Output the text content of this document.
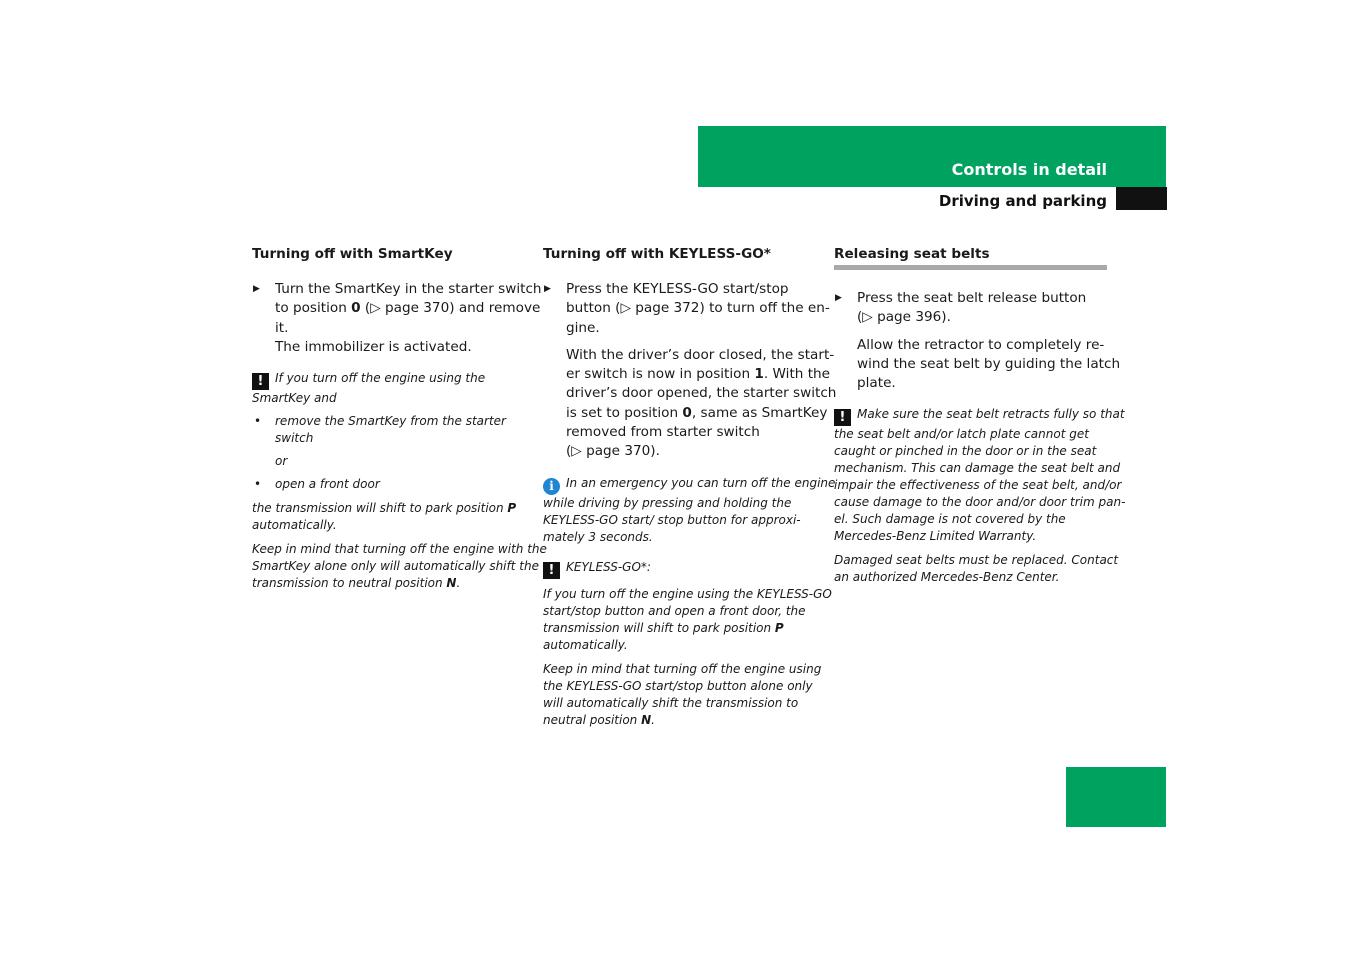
Controls in detail
Driving and parking
Turning off with SmartKey
▶ Turn the SmartKey in the starter switch
to position 0 (▷ page 370) and remove
it.
The immobilizer is activated.
! If you turn off the engine using the
SmartKey and
• remove the SmartKey from the starter
switch
or
• open a front door
the transmission will shift to park position P
automatically.
Keep in mind that turning off the engine with the
SmartKey alone only will automatically shift the
transmission to neutral position N.
Turning off with KEYLESS-GO*
▶ Press the KEYLESS-GO start/stop
button (▷ page 372) to turn off the en-
gine.
With the driver’s door closed, the start-
er switch is now in position 1. With the
driver’s door opened, the starter switch
is set to position 0, same as SmartKey
removed from starter switch
(▷ page 370).
i In an emergency you can turn off the engine
while driving by pressing and holding the
KEYLESS-GO start/ stop button for approxi-
mately 3 seconds.
! KEYLESS-GO*:
If you turn off the engine using the KEYLESS-GO
start/stop button and open a front door, the
transmission will shift to park position P
automatically.
Keep in mind that turning off the engine using
the KEYLESS-GO start/stop button alone only
will automatically shift the transmission to
neutral position N.
Releasing seat belts
▶ Press the seat belt release button
(▷ page 396).
Allow the retractor to completely re-
wind the seat belt by guiding the latch
plate.
! Make sure the seat belt retracts fully so that
the seat belt and/or latch plate cannot get
caught or pinched in the door or in the seat
mechanism. This can damage the seat belt and
impair the effectiveness of the seat belt, and/or
cause damage to the door and/or door trim pan-
el. Such damage is not covered by the
Mercedes-Benz Limited Warranty.
Damaged seat belts must be replaced. Contact
an authorized Mercedes-Benz Center.
425
